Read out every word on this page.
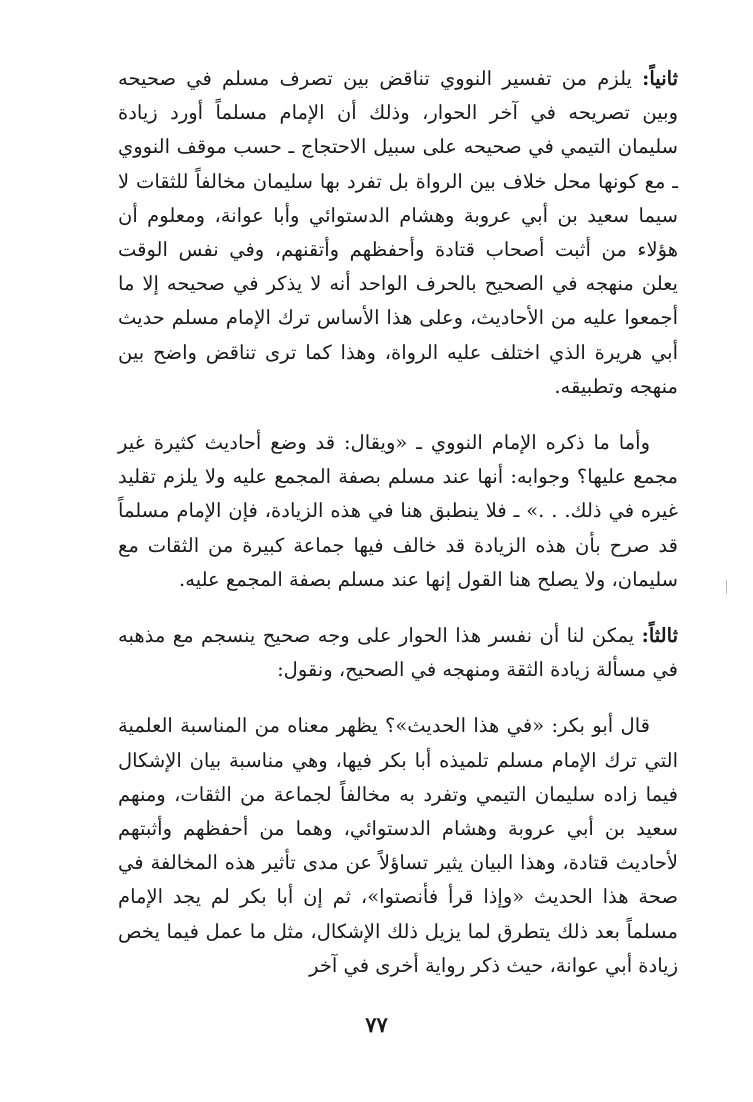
ثانياً: يلزم من تفسير النووي تناقض بين تصرف مسلم في صحيحه وبين تصريحه في آخر الحوار، وذلك أن الإمام مسلماً أورد زيادة سليمان التيمي في صحيحه على سبيل الاحتجاج ـ حسب موقف النووي ـ مع كونها محل خلاف بين الرواة بل تفرد بها سليمان مخالفاً للثقات لا سيما سعيد بن أبي عروبة وهشام الدستوائي وأبا عوانة، ومعلوم أن هؤلاء من أثبت أصحاب قتادة وأحفظهم وأتقنهم، وفي نفس الوقت يعلن منهجه في الصحيح بالحرف الواحد أنه لا يذكر في صحيحه إلا ما أجمعوا عليه من الأحاديث، وعلى هذا الأساس ترك الإمام مسلم حديث أبي هريرة الذي اختلف عليه الرواة، وهذا كما ترى تناقض واضح بين منهجه وتطبيقه.

وأما ما ذكره الإمام النووي ـ «ويقال: قد وضع أحاديث كثيرة غير مجمع عليها؟ وجوابه: أنها عند مسلم بصفة المجمع عليه ولا يلزم تقليد غيره في ذلك. . .» ـ فلا ينطبق هنا في هذه الزيادة، فإن الإمام مسلماً قد صرح بأن هذه الزيادة قد خالف فيها جماعة كبيرة من الثقات مع سليمان، ولا يصلح هنا القول إنها عند مسلم بصفة المجمع عليه.

ثالثاً: يمكن لنا أن نفسر هذا الحوار على وجه صحيح ينسجم مع مذهبه في مسألة زيادة الثقة ومنهجه في الصحيح، ونقول:

قال أبو بكر: «في هذا الحديث»؟ يظهر معناه من المناسبة العلمية التي ترك الإمام مسلم تلميذه أبا بكر فيها، وهي مناسبة بيان الإشكال فيما زاده سليمان التيمي وتفرد به مخالفاً لجماعة من الثقات، ومنهم سعيد بن أبي عروبة وهشام الدستوائي، وهما من أحفظهم وأثبتهم لأحاديث قتادة، وهذا البيان يثير تساؤلاً عن مدى تأثير هذه المخالفة في صحة هذا الحديث «وإذا قرأ فأنصتوا»، ثم إن أبا بكر لم يجد الإمام مسلماً بعد ذلك يتطرق لما يزيل ذلك الإشكال، مثل ما عمل فيما يخص زيادة أبي عوانة، حيث ذكر رواية أخرى في آخر

٧٧
